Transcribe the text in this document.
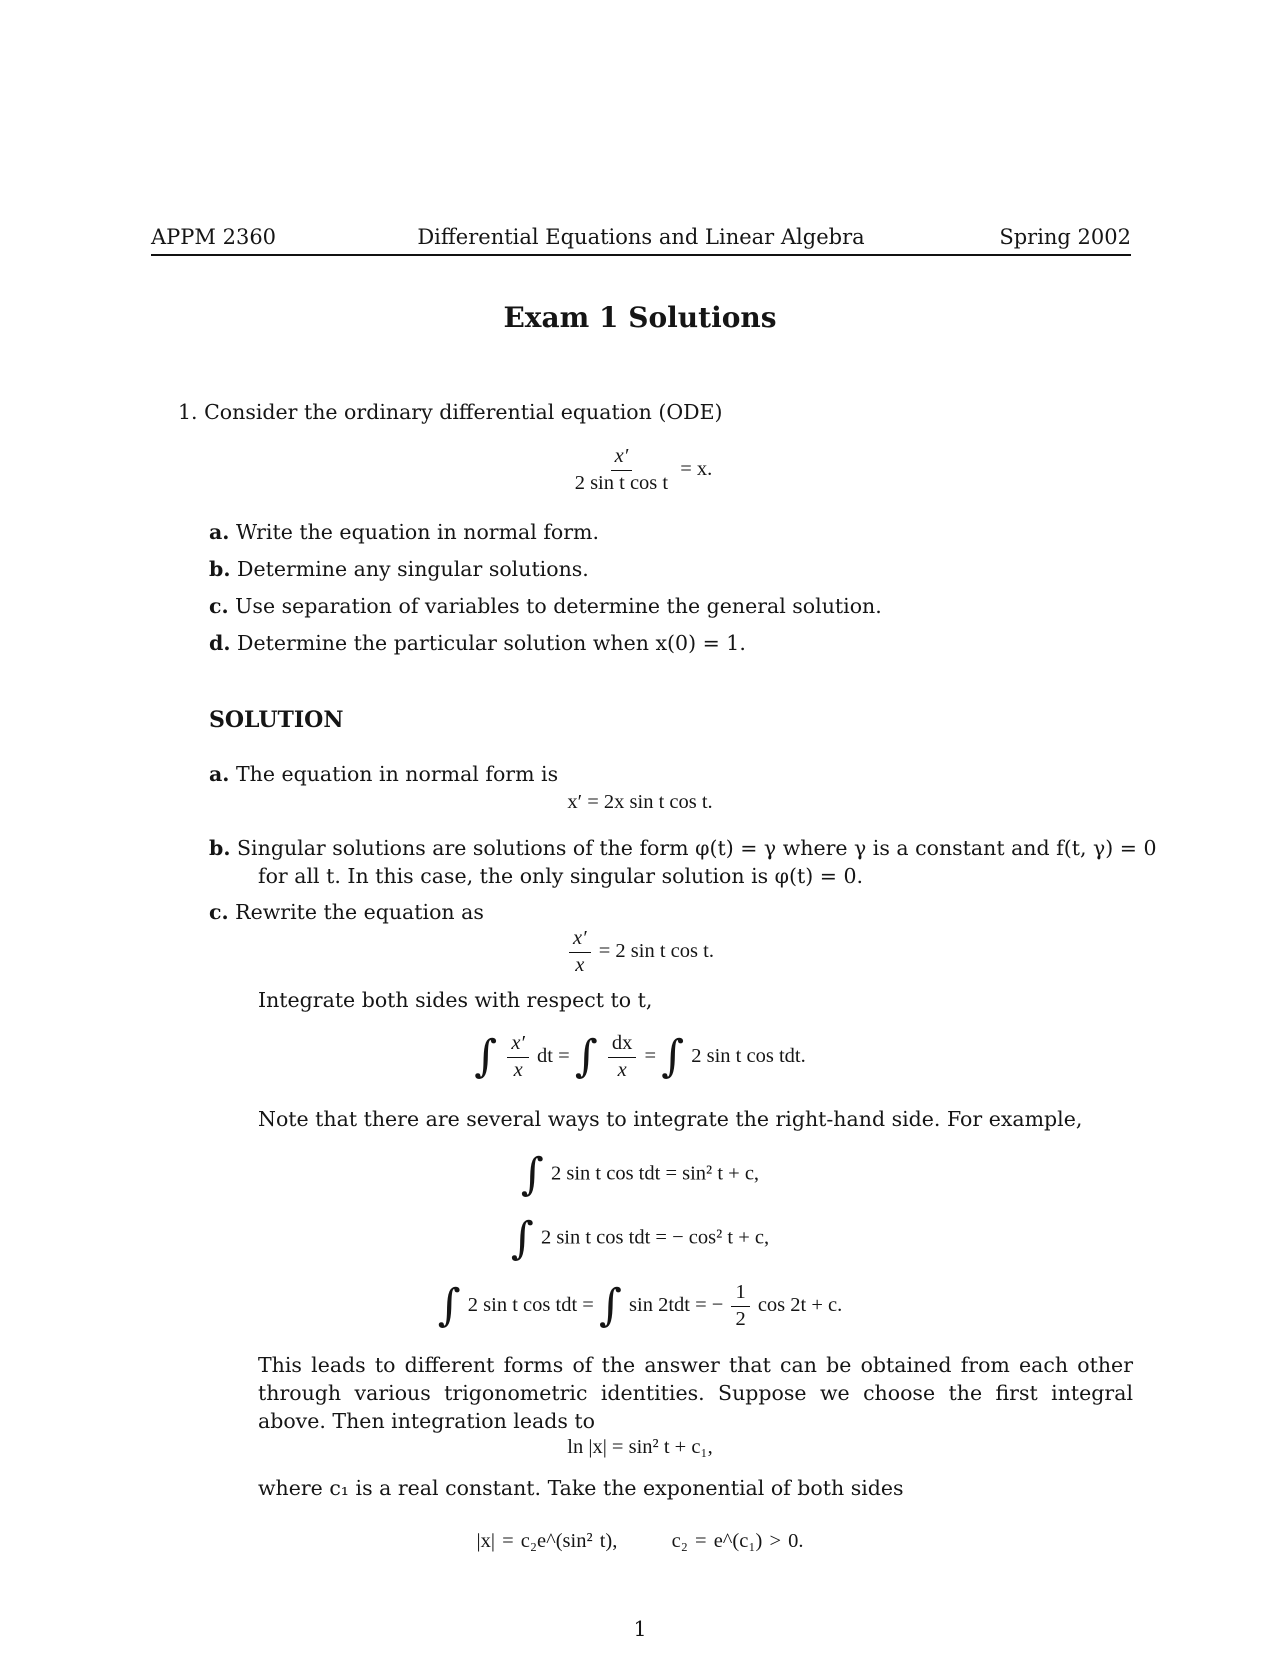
APPM 2360	Differential Equations and Linear Algebra	Spring 2002
Exam 1 Solutions
1. Consider the ordinary differential equation (ODE)
$\frac{x'}{\text{2 sin t cos t}} = x$.
a. Write the equation in normal form.
b. Determine any singular solutions.
c. Use separation of variables to determine the general solution.
d. Determine the particular solution when x(0) = 1.
SOLUTION
a. The equation in normal form is
x′ = 2x sin t cos t.
b. Singular solutions are solutions of the form φ(t) = γ where γ is a constant and f(t, γ) = 0
for all t. In this case, the only singular solution is φ(t) = 0.
c. Rewrite the equation as
$\frac{x'}{x} = 2$ sin t cos t.
Integrate both sides with respect to t,
∫ $\frac{x'}{x}$ dt = ∫ $\frac{dx}{x}$ = ∫ 2 sin t cos tdt.
Note that there are several ways to integrate the right-hand side. For example,
∫ 2 sin t cos tdt = sin² t + c,
∫ 2 sin t cos tdt = − cos² t + c,
∫ 2 sin t cos tdt = ∫ sin 2tdt = − $\frac{1}{2}$ cos 2t + c.
This leads to different forms of the answer that can be obtained from each other through various trigonometric identities. Suppose we choose the first integral above. Then integration leads to
ln |x| = sin² t + c₁,
where c₁ is a real constant. Take the exponential of both sides
|x| = c₂e^(sin² t),	c₂ = e^(c₁) > 0.
1
